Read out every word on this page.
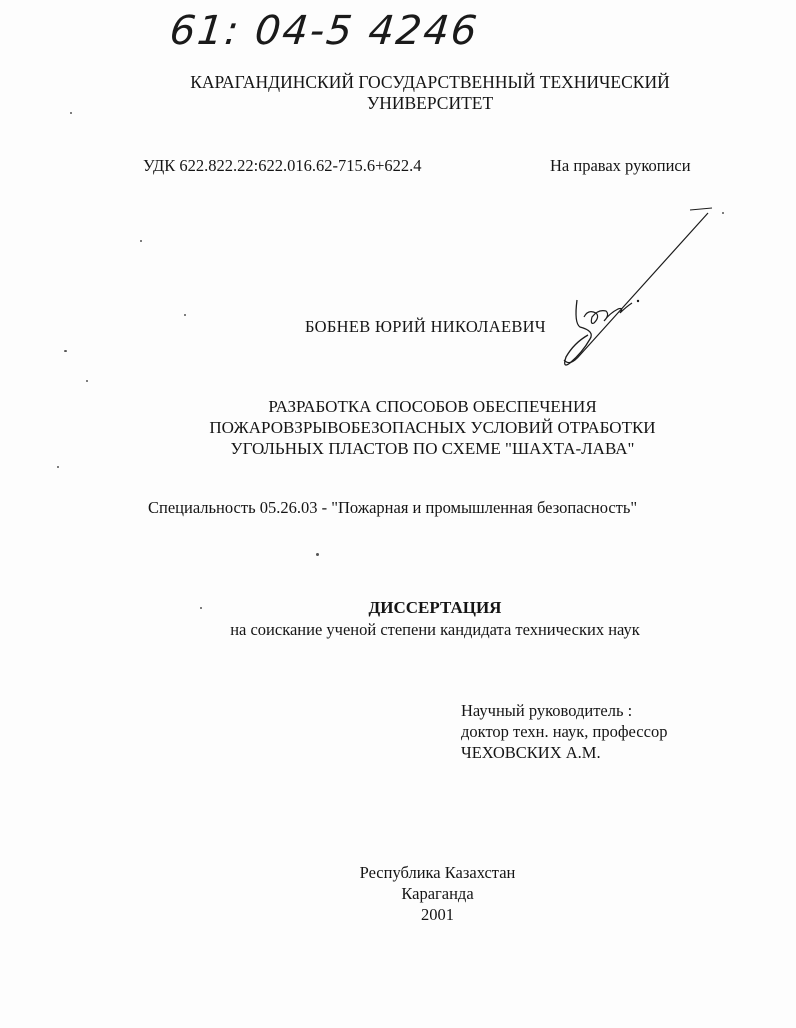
61: 04-5 4246
КАРАГАНДИНСКИЙ ГОСУДАРСТВЕННЫЙ ТЕХНИЧЕСКИЙ
УНИВЕРСИТЕТ
УДК 622.822.22:622.016.62-715.6+622.4	На правах рукописи
БОБНЕВ ЮРИЙ НИКОЛАЕВИЧ
РАЗРАБОТКА СПОСОБОВ ОБЕСПЕЧЕНИЯ
ПОЖАРОВЗРЫВОБЕЗОПАСНЫХ УСЛОВИЙ ОТРАБОТКИ
УГОЛЬНЫХ ПЛАСТОВ ПО СХЕМЕ "ШАХТА-ЛАВА"
Специальность 05.26.03 - "Пожарная и промышленная безопасность"
ДИССЕРТАЦИЯ
на соискание ученой степени кандидата технических наук
Научный руководитель :
доктор техн. наук, профессор
ЧЕХОВСКИХ А.М.
Республика Казахстан
Караганда
2001
